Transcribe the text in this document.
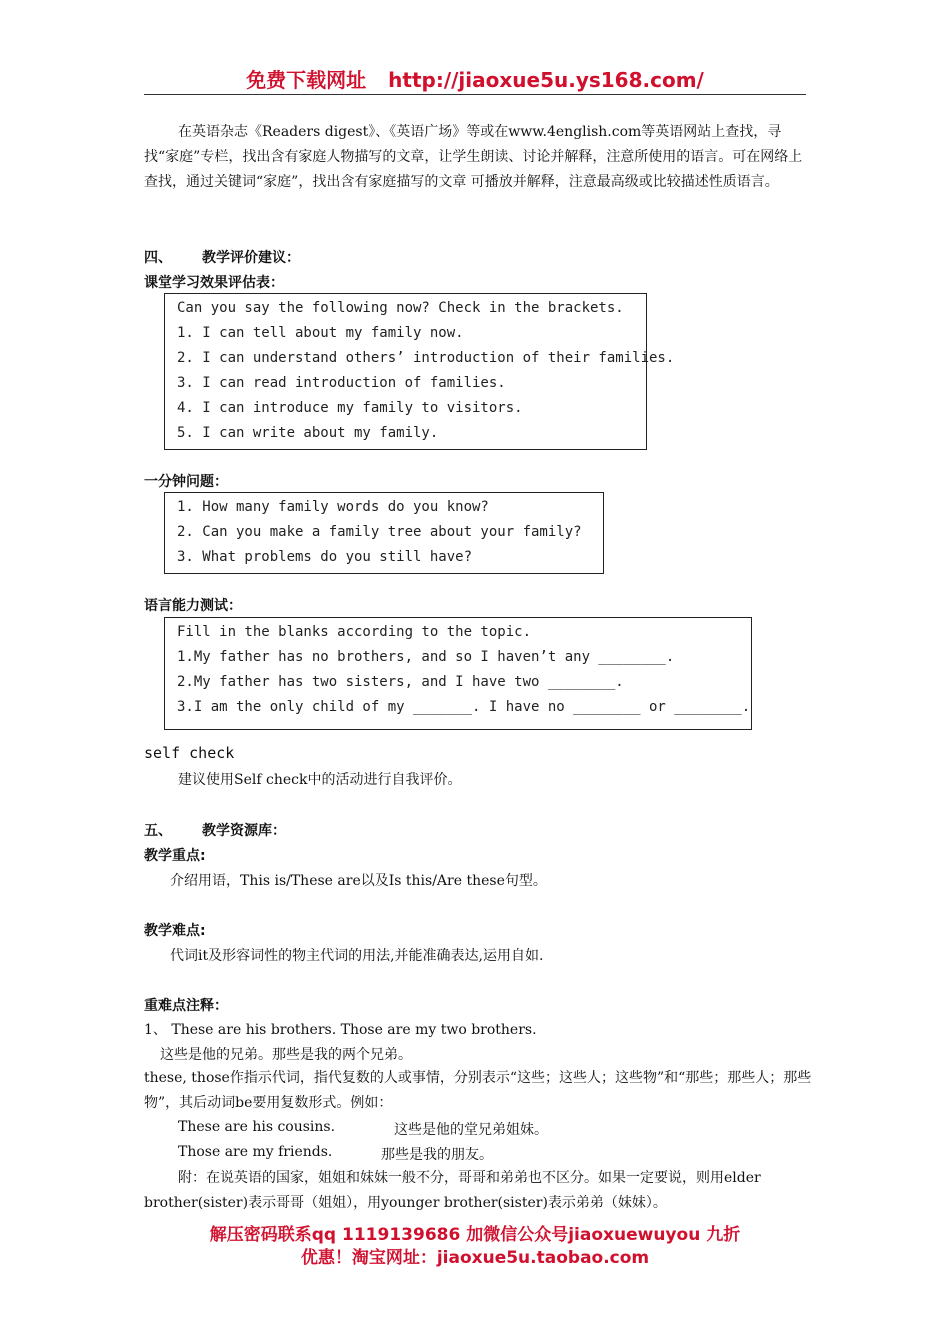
免费下载网址 http://jiaoxue5u.ys168.com/
在英语杂志《Readers digest》、《英语广场》等或在www.4english.com等英语网站上查找，寻找“家庭”专栏，找出含有家庭人物描写的文章，让学生朗读、讨论并解释，注意所使用的语言。可在网络上查找，通过关键词“家庭”，找出含有家庭描写的文章 可播放并解释，注意最高级或比较描述性质语言。
四、 教学评价建议：
课堂学习效果评估表：
Can you say the following now? Check in the brackets.
1. I can tell about my family now.
2. I can understand others’ introduction of their families.
3. I can read introduction of families.
4. I can introduce my family to visitors.
5. I can write about my family.
一分钟问题：
1. How many family words do you know?
2. Can you make a family tree about your family?
3. What problems do you still have?
语言能力测试：
Fill in the blanks according to the topic.
1.My father has no brothers, and so I haven’t any ________.
2.My father has two sisters, and I have two ________.
3.I am the only child of my _______. I have no ________ or ________.
self check
建议使用Self check中的活动进行自我评价。
五、 教学资源库：
教学重点:
介绍用语，This is/These are以及Is this/Are these句型。
教学难点:
代词it及形容词性的物主代词的用法,并能准确表达,运用自如.
重难点注释：
1、 These are his brothers. Those are my two brothers.
这些是他的兄弟。那些是我的两个兄弟。
these, those作指示代词，指代复数的人或事情，分别表示“这些；这些人；这些物”和“那些；那些人；那些物”，其后动词be要用复数形式。例如：
These are his cousins.	这些是他的堂兄弟姐妹。
Those are my friends.	那些是我的朋友。
附：在说英语的国家，姐姐和妹妹一般不分，哥哥和弟弟也不区分。如果一定要说，则用elder brother(sister)表示哥哥（姐姐），用younger brother(sister)表示弟弟（妹妹）。
解压密码联系qq 1119139686 加微信公众号jiaoxuewuyou 九折
优惠！淘宝网址：jiaoxue5u.taobao.com
